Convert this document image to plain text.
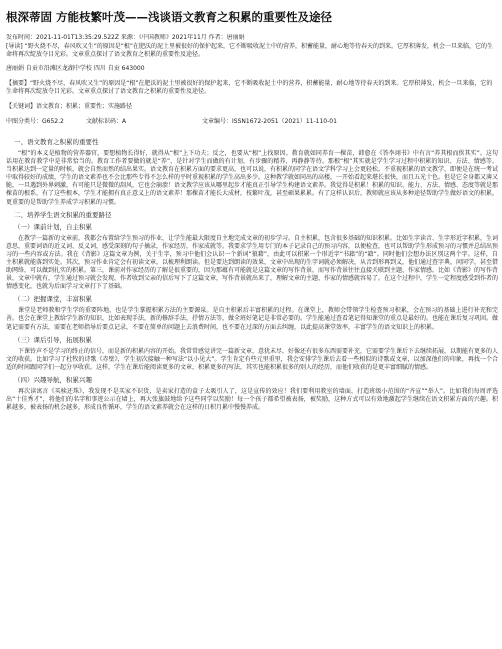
根深蒂固 方能枝繁叶茂——浅谈语文教育之积累的重要性及途径
发布时间：2021-11-01T13:35:29.522Z 来源：《中国教师》2021年11月 作者：唐丽娟
[导读] “野火烧不尽，春风吹又生”的原因是“根”在肥沃的泥土里被很好的保护起来，它不断吸收泥土中的营养，积蓄能量，耐心地等待春天的到来。它厚积薄发，机会一旦来临，它的生命将再次绽放夺目光彩。文章重点探讨了语文教育之积累的重要性及途径。
唐丽娟 自贡市沿滩区龙湖中学校 四川 自贡 643000
【摘要】“野火烧不尽，春风吹又生”的原因是“根”在肥沃的泥土里被很好的保护起来，它不断吸收泥土中的营养，积蓄能量，耐心地等待春天的到来。它厚积薄发，机会一旦来临，它的生命将再次绽放夺目光彩。文章重点探讨了语文教育之积累的重要性及途径。
【关键词】语文教育；积累；重要性；实施路径
中图分类号：G652.2	文献标识码：A	文章编号：ISSN1672-2051（2021）11-110-01
一、语文教育之积累的重要性
“根”的本义是植物的营养器官，要想植物长得好，就得从“根”上下功夫；反之，也要从“根”上找原因。教育就如同养育一棵苗，韩愈在《答李翊书》中有言“养其根而俟其实”。这句话用在教育教学中是非常恰当的。教育工作者要做的就是“养”，是针对学生而做的有计划、有步骤的精养，再静静等待。那根“根”其实就是学生学习过程中积累的知识、方法、情感等。当积累达到一定量的时候，就会自然而然的结出果实。语文教育在积累方面的要求更高，也可以说，有积累的同学在语文学科学习上会更轻松。不重视积累的语文教学，即便是在统一考试中取得较好的成绩，学生的语文素养也不会比那些专得不怎么样的平时重视积累的学生高出多少。这种教学就如同出的高楼，一开始看起来堪长很快，而且五光十色。但是它全身都又薄又脆，一旦遇到外界刺激，有可能只是微微的刮风，它也会崩溃！语文教学应该从哪里起步才能真正引导学生构建语文素养。我觉得是积累！积累的知识、能力、方法、情感、态度等就是那棵苗的根系，有了这些根本，学生才能拥有真正意义上的语文素养！那棵苗才能长大成材，枝繁叶茂，甚至硕果累累。有了这样认识后，教师就应该从多种途径帮助学生做好语文的积累，更重要的是帮助学生养成学习积累的习惯。
二、培养学生语文积累的重要路径
（一）课前计划，自主积累
在教学一篇新的文章前，我都会布置给学生预习的作业，让学生能最大限度自主地完成文章的初步学习。自主积累，包含很多基础的知识积累。比如生字读音、生字形近字积累，生词意思，重要词语的近义词、反义词，感受深刻的句子摘录，作家经历，作家成就等。我要求学生用专门的本子记录自己的预习内容，以便检查，也可以帮助学生形成预习的习惯并总结出预习的一些内容或方法。我在《背影》这篇文章为例，关于生字，预习中他们会认识一个新词“狼藉”，由此可以积累一个形近字“书籍”的“籍”。同时他们会想办法区别这两个字。这样，自主积累就能落到实处。其次，预习作业肯定会有初读文章，以梳理利朗读。但是要达到朗读的效果，文章中出现的生字词就必须解决，从音到形再到义，他们通过查字典，问同学，甚至借助网络，可以做到扎实的积累。第三，课前对作家经历的了解是很重要的，因为那蕴有可能就是这篇文章的写作背景，而写作背景往往直接关联到主题、作家情感。比如《背影》的写作背景，文章中就有，学生通过预习就会发现，作者收到父亲的信后写下了这篇文章，写作背景就出来了，理解文章的主题、作家的情感就容易了。在这个过程中，学生一定程度感受到作者的情感变化，也就为后面学习文章打下了基础。
（二）把握课堂，丰富积累
课堂是老师教和学生学的重要阵地，也是学生掌握积累方法的主要源泉。是自主积累后丰富积累的过程。在课堂上，教师会带领学生检查预习积累，会在预习的基础上进行补充和完善。也会在课堂上教给学生新的知识，比如表现手法，新的修辞手法，抒情方法等，做全班好笔记是非常必要的。学生能通过查看笔记得知课堂的重点是最好的。也能在课后复习巩固。做笔记需要有方法，需要在老师指导后要点记录，不要在简单的问题上去浪费时间，也不要在过深的方面去纠缠，以此提高课堂效率，丰富学生的语文知识上的积累。
（三）课后引导，拓展积累
下课铃声不是学习的终止的信号，而是新的积累内容的开始。我常常感觉讲完一篇新文章，意犹未尽，好像还有很多东西需要补充，它需要学生课后下去继续拓展，以期能有更多的人文的收获。比如学习了杜牧的诗歌《赤壁》，学生初次接触一种写法“以小见大”。学生肯定有些元里重里，我会安排学生课后去看一些相似的诗歌或文章，以加深他们的印象，再找一个合适的时间跟同学们一起分享收获。这样，学生在课后能阅读更多的文章，积累更多的写法，其实也能积累很多的别人的经历，而他们收获的是更丰富细腻的情感。
（四）兴趣导航，积累兴趣
再次读寓言《买椟还珠》，我发现不是买家不识货，是卖家打造的盒子太吸引人了，这是宣传的效应！我们要利用教室的墙面，打造班级小范围的“齐宣”“举人”。比如我们每周评选出“十佳秀才”，将他们的名字和事迹公示在墙上，再大张旗鼓地给予这些同学以奖励！每一个孩子都希望被表扬，被奖励，这种方式可以有效地激起学生继续在语文积累方面的兴趣。积累越多，被表扬的机会越多，形成良性循环，学生的语文素养就会在这样的日积月累中慢慢养成。
